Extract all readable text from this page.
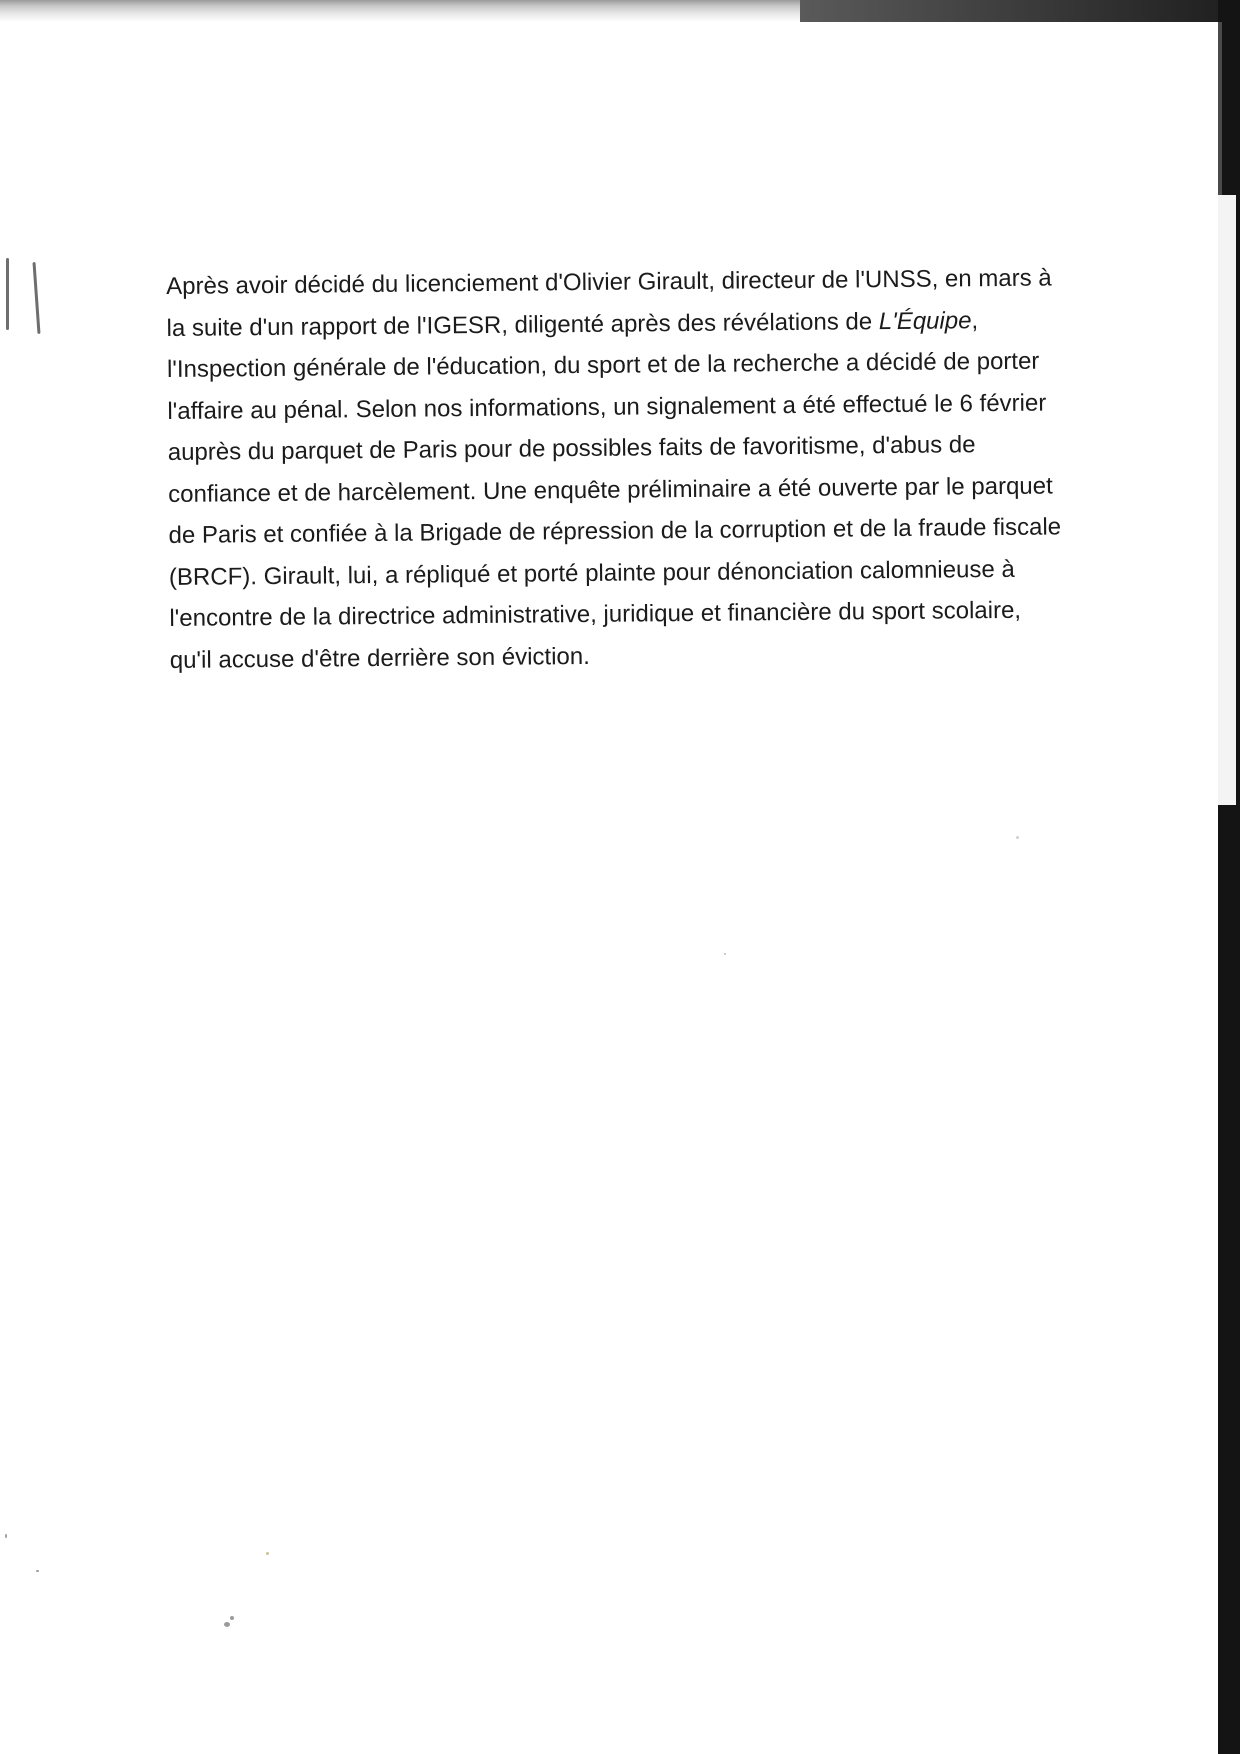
Après avoir décidé du licenciement d'Olivier Girault, directeur de l'UNSS, en mars à la suite d'un rapport de l'IGESR, diligenté après des révélations de L'Équipe, l'Inspection générale de l'éducation, du sport et de la recherche a décidé de porter l'affaire au pénal. Selon nos informations, un signalement a été effectué le 6 février auprès du parquet de Paris pour de possibles faits de favoritisme, d'abus de confiance et de harcèlement. Une enquête préliminaire a été ouverte par le parquet de Paris et confiée à la Brigade de répression de la corruption et de la fraude fiscale (BRCF). Girault, lui, a répliqué et porté plainte pour dénonciation calomnieuse à l'encontre de la directrice administrative, juridique et financière du sport scolaire, qu'il accuse d'être derrière son éviction.
